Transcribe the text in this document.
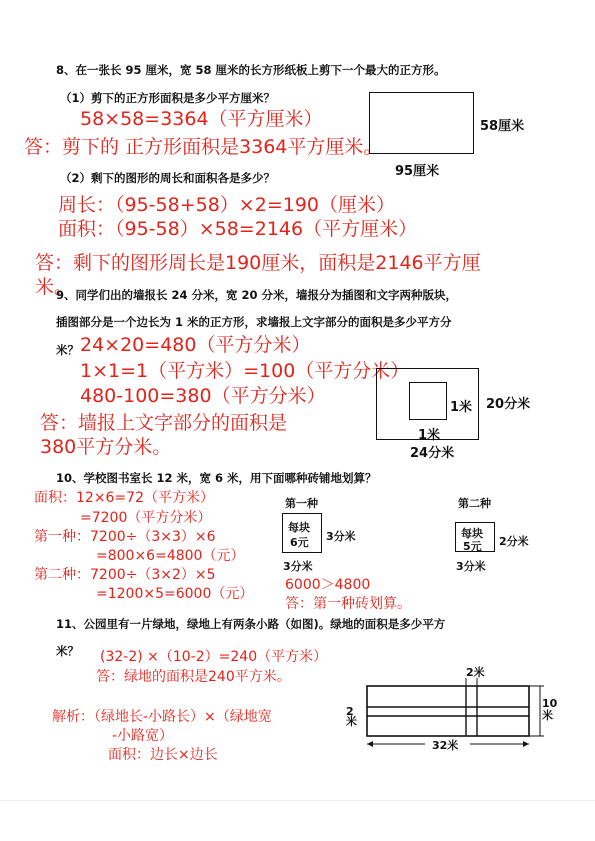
8、在一张长 95 厘米，宽 58 厘米的长方形纸板上剪下一个最大的正方形。
（1）剪下的正方形面积是多少平方厘米？
58×58=3364（平方厘米）
答：剪下的 正方形面积是3364平方厘米。
58厘米
95厘米
（2）剩下的图形的周长和面积各是多少？
周长：（95-58+58）×2=190（厘米）
面积：（95-58）×58=2146（平方厘米）
答：剩下的图形周长是190厘米，面积是2146平方厘
米。
9、同学们出的墙报长 24 分米，宽 20 分米，墙报分为插图和文字两种版块，
插图部分是一个边长为 1 米的正方形，求墙报上文字部分的面积是多少平方分
米？ 24×20=480（平方分米）
1×1=1（平方米）=100（平方分米）
480-100=380（平方分米）
答：墙报上文字部分的面积是
380平方分米。
1米
1米
20分米
24分米
10、学校图书室长 12 米，宽 6 米，用下面哪种砖铺地划算？
面积：12×6=72（平方米）
=7200（平方分米）
第一种：7200÷（3×3）×6
=800×6=4800（元）
第二种：7200÷（3×2）×5
=1200×5=6000（元）
6000＞4800
答：第一种砖划算。
第一种
每块
6元 3分米
3分米
第二种
每块
5元 2分米
3分米
11、公园里有一片绿地，绿地上有两条小路（如图)。绿地的面积是多少平方
米？ (32-2) ×（10-2）=240（平方米）
答：绿地的面积是240平方米。
解析：（绿地长-小路长）×（绿地宽
-小路宽）
面积：边长×边长
2米
2米
10米
32米
